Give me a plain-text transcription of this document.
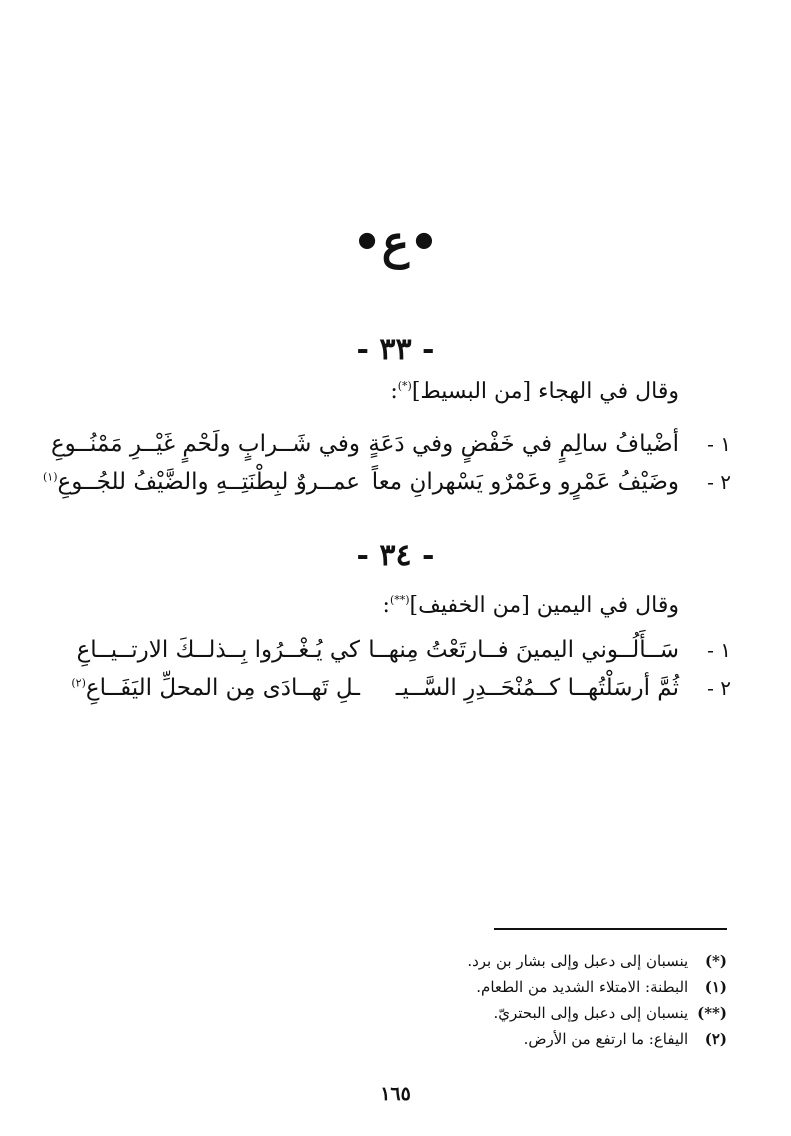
•ع•
- ٣٣ -
وقال في الهجاء [من البسيط](*):
١ -
أضْيافُ سالِمٍ في خَفْضٍ وفي دَعَةٍ
وفي شَــرابٍ ولَحْمٍ غَيْــرِ مَمْنُــوعِ
٢ -
وضَيْفُ عَمْرٍو وعَمْرٌو يَسْهرانِ معاً
عمــروٌ لبِطْنَتِــهِ والضَّيْفُ للجُــوعِ$^{(١)}$
- ٣٤ -
وقال في اليمين [من الخفيف](**):
١ -
سَــأَلُــوني اليمينَ فــارتَعْتُ مِنهــا
كي يُـغْــرُوا بِــذلــكَ الارتــيــاعِ
٢ -
ثُمَّ أرسَلْتُهــا كــمُنْحَــدِرِ السَّــيـ
ـلِ تَهــادَى مِن المحلِّ اليَفَــاعِ$^{(٢)}$
(*) ينسبان إلى دعبل وإلى بشار بن برد.
(١) البطنة: الامتلاء الشديد من الطعام.
(**) ينسبان إلى دعبل وإلى البحتريّ.
(٢) اليفاع: ما ارتفع من الأرض.
١٦٥
